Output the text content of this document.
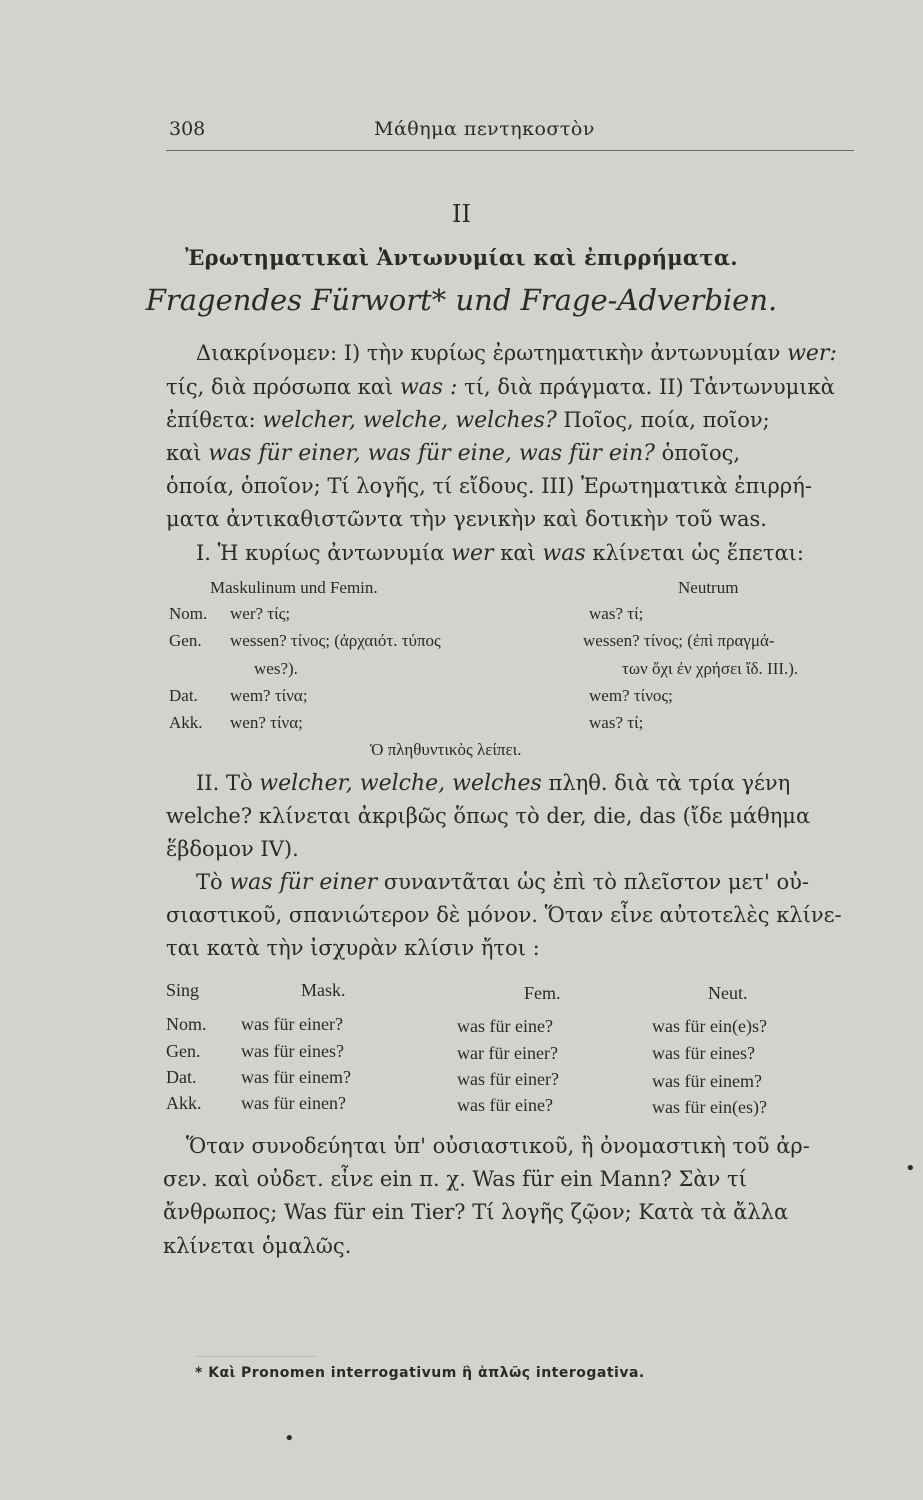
308	Μάθημα πεντηκοστὸν
II
Ἐρωτηματικαὶ Ἀντωνυμίαι καὶ ἐπιρρήματα.
Fragendes Fürwort* und Frage-Adverbien.
Διακρίνομεν: Ι) τὴν κυρίως ἐρωτηματικὴν ἀντωνυμίαν wer:
τίς, διὰ πρόσωπα καὶ was : τί, διὰ πράγματα. ΙΙ) Τἀντωνυμικὰ
ἐπίθετα: welcher, welche, welches? Ποῖος, ποία, ποῖον;
καὶ was für einer, was für eine, was für ein? ὁποῖος,
ὁποία, ὁποῖον; Τί λογῆς, τί εἴδους. ΙΙΙ) Ἐρωτηματικὰ ἐπιρρή-
ματα ἀντικαθιστῶντα τὴν γενικὴν καὶ δοτικὴν τοῦ was.
Ι. Ἡ κυρίως ἀντωνυμία wer καὶ was κλίνεται ὡς ἕπεται:
Maskulinum und Femin.	Neutrum
Nom. wer? τίς;	was? τί;
Gen. wessen? τίνος; (ἀρχαιότ. τύπος	wessen? τίνος; (ἐπὶ πραγμά-
wes?).	των ὄχι ἐν χρήσει ἴδ. ΙΙΙ.).
Dat. wem? τίνα;	wem? τίνος;
Akk. wen? τίνα;	was? τί;
Ὁ πληθυντικὸς λείπει.
ΙΙ. Τὸ welcher, welche, welches πληθ. διὰ τὰ τρία γένη
welche? κλίνεται ἀκριβῶς ὅπως τὸ der, die, das (ἴδε μάθημα
ἕβδομον IV).
Τὸ was für einer συναντᾶται ὡς ἐπὶ τὸ πλεῖστον μετ' οὐ-
σιαστικοῦ, σπανιώτερον δὲ μόνον. Ὅταν εἶνε αὐτοτελὲς κλίνε-
ται κατὰ τὴν ἰσχυρὰν κλίσιν ἤτοι :
Sing	Mask.	Fem.	Neut.
Nom. was für einer?	was für eine?	was für ein(e)s?
Gen. was für eines?	war für einer?	was für eines?
Dat. was für einem?	was für einer?	was für einem?
Akk. was für einen?	was für eine?	was für ein(es)?
Ὅταν συνοδεύηται ὑπ' οὐσιαστικοῦ, ἢ ὀνομαστικὴ τοῦ ἀρ-
σεν. καὶ οὐδετ. εἶνε ein π. χ. Was für ein Mann? Σὰν τί
ἄνθρωπος; Was für ein Tier? Τί λογῆς ζῷον; Κατὰ τὰ ἄλλα
κλίνεται ὁμαλῶς.
* Καὶ Pronomen interrogativum ἢ ἁπλῶς interogativa.
•
•
